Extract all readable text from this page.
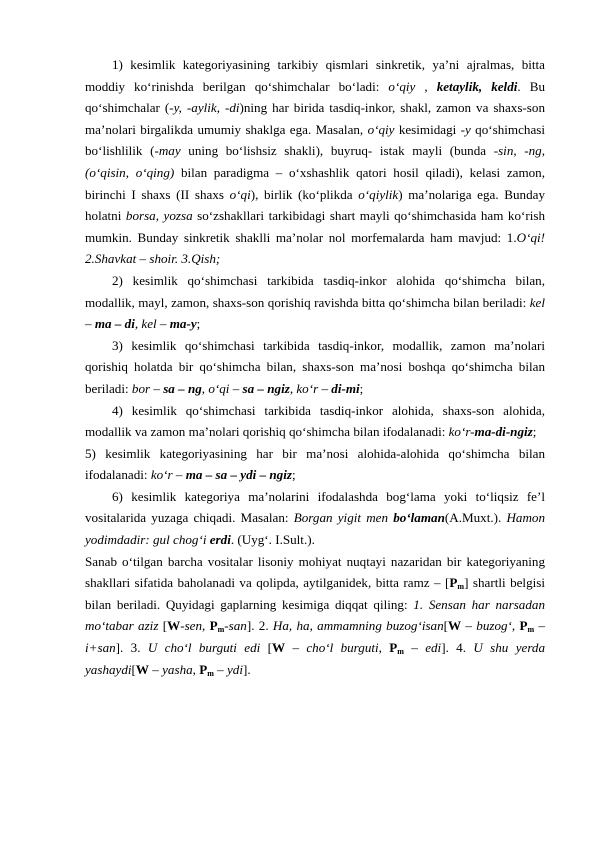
1) kesimlik kategoriyasining tarkibiy qismlari sinkretik, ya’ni ajralmas, bitta moddiy ko‘rinishda berilgan qo‘shimchalar bo‘ladi: o‘qiy , ketaylik, keldi. Bu qo‘shimchalar (-y, -aylik, -di)ning har birida tasdiq-inkor, shakl, zamon va shaxs-son ma’nolari birgalikda umumiy shaklga ega. Masalan, o‘qiy kesimidagi -y qo‘shimchasi bo‘lishlilik (-may uning bo‘lishsiz shakli), buyruq- istak mayli (bunda -sin, -ng, (o‘qisin, o‘qing) bilan paradigma – o‘xshashlik qatori hosil qiladi), kelasi zamon, birinchi I shaxs (II shaxs o‘qi), birlik (ko‘plikda o‘qiylik) ma’nolariga ega. Bunday holatni borsa, yozsa so‘zshakllari tarkibidagi shart mayli qo‘shimchasida ham ko‘rish mumkin. Bunday sinkretik shaklli ma’nolar nol morfemalarda ham mavjud: 1.O‘qi! 2.Shavkat – shoir. 3.Qish;

2) kesimlik qo‘shimchasi tarkibida tasdiq-inkor alohida qo‘shimcha bilan, modallik, mayl, zamon, shaxs-son qorishiq ravishda bitta qo‘shimcha bilan beriladi: kel – ma – di, kel – ma-y;

3) kesimlik qo‘shimchasi tarkibida tasdiq-inkor, modallik, zamon ma’nolari qorishiq holatda bir qo‘shimcha bilan, shaxs-son ma’nosi boshqa qo‘shimcha bilan beriladi: bor – sa – ng, o‘qi – sa – ngiz, ko‘r – di-mi;

4) kesimlik qo‘shimchasi tarkibida tasdiq-inkor alohida, shaxs-son alohida, modallik va zamon ma’nolari qorishiq qo‘shimcha bilan ifodalanadi: ko‘r-ma-di-ngiz;

5) kesimlik kategoriyasining har bir ma’nosi alohida-alohida qo‘shimcha bilan ifodalanadi: ko‘r – ma – sa – ydi – ngiz;

6) kesimlik kategoriya ma’nolarini ifodalashda bog‘lama yoki to‘liqsiz fe’l vositalarida yuzaga chiqadi. Masalan: Borgan yigit men bo‘laman(A.Muxt.). Hamon yodimdadir: gul chog‘i erdi. (Uyg‘. I.Sult.).

Sanab o‘tilgan barcha vositalar lisoniy mohiyat nuqtayi nazaridan bir kategoriyaning shakllari sifatida baholanadi va qolipda, aytilganidek, bitta ramz – $[P_m]$ shartli belgisi bilan beriladi. Quyidagi gaplarning kesimiga diqqat qiling: 1. Sensan har narsadan mo‘tabar aziz [W-sen, $P_m-san$]. 2. Ha, ha, ammamning buzog‘isan[W – buzog‘, $P_m$ –i+san]. 3. U cho‘l burguti edi [W – cho‘l burguti, $P_m - edi$]. 4. U shu yerda yashaydi[W – yasha, $P_m - ydi$].
